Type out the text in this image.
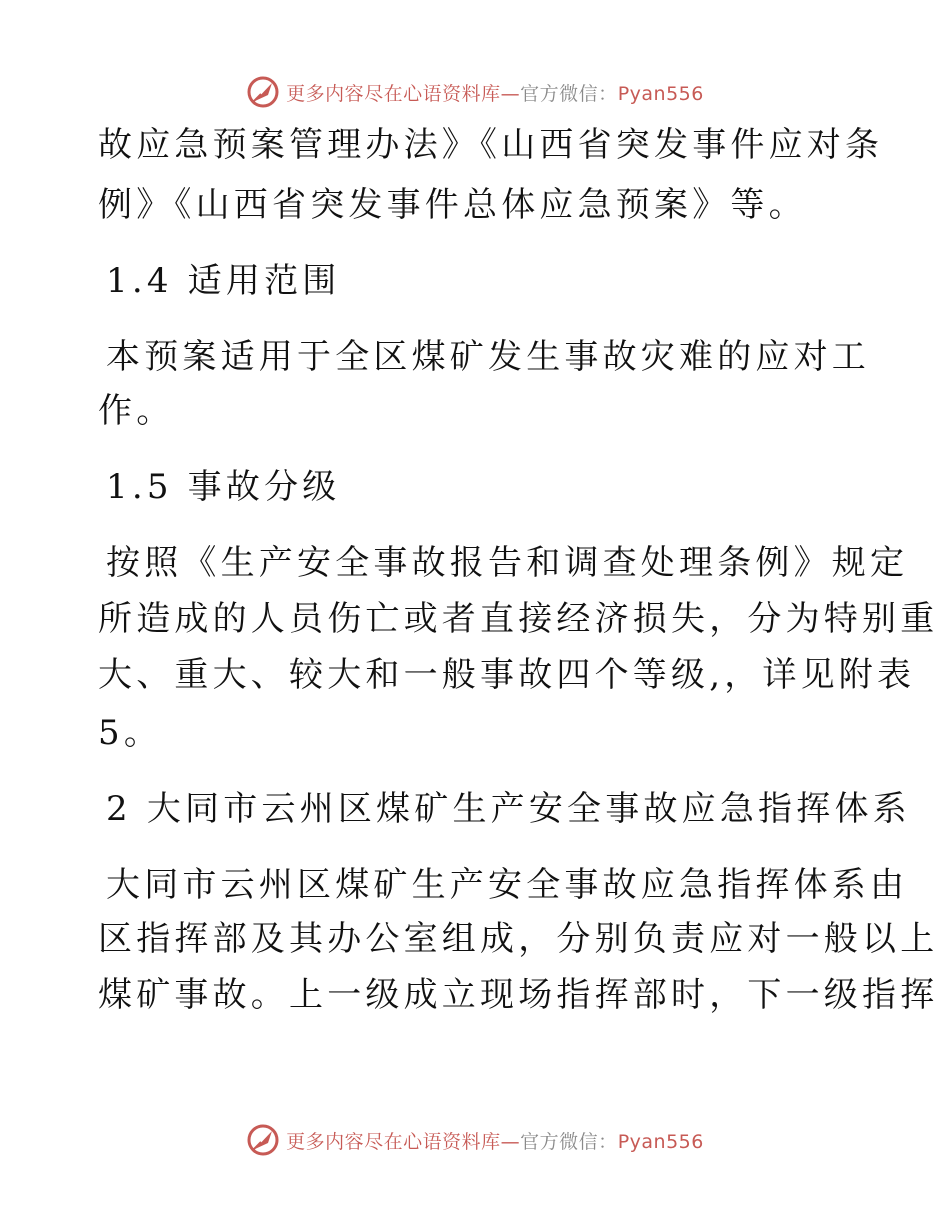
更多内容尽在心语资料库—官方微信：Pyan556
故应急预案管理办法》《山西省突发事件应对条
例》《山西省突发事件总体应急预案》等。
1.4 适用范围
本预案适用于全区煤矿发生事故灾难的应对工
作。
1.5 事故分级
按照《生产安全事故报告和调查处理条例》规定
所造成的人员伤亡或者直接经济损失，分为特别重
大、重大、较大和一般事故四个等级,，详见附表
5。
2 大同市云州区煤矿生产安全事故应急指挥体系
大同市云州区煤矿生产安全事故应急指挥体系由
区指挥部及其办公室组成，分别负责应对一般以上
煤矿事故。上一级成立现场指挥部时，下一级指挥
更多内容尽在心语资料库—官方微信：Pyan556
